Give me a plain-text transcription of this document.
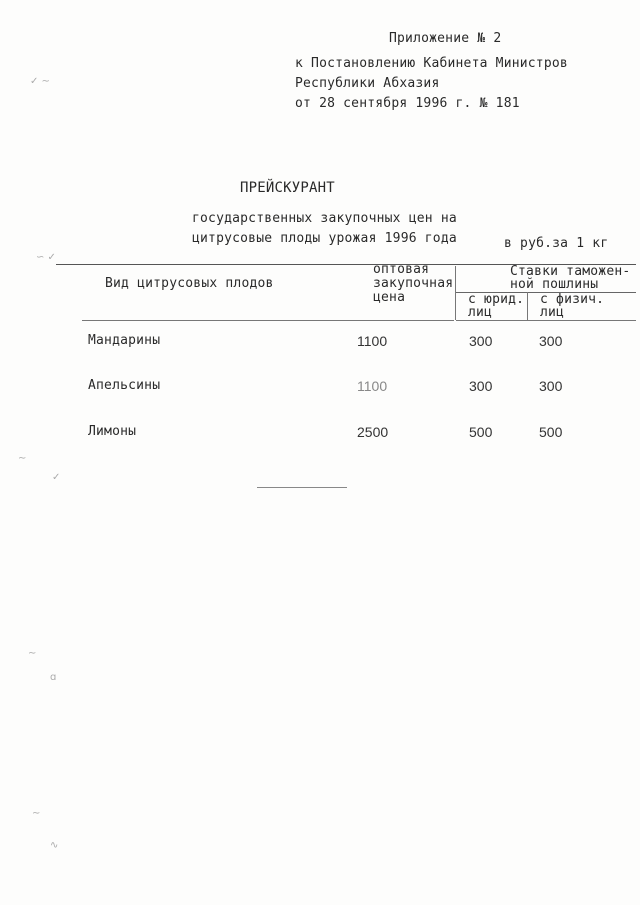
✓ ∼
∽ ✓
∼
✓
∼
ɑ
∼
∿
Приложение № 2
к Постановлению Кабинета Министров
Республики Абхазия
от 28 сентября 1996 г. № 181
ПРЕЙСКУРАНТ
государственных закупочных цен на
цитрусовые плоды урожая 1996 года	в руб.за 1 кг
Вид цитрусовых плодов
оптовая
закупочная
цена
Ставки таможен-
ной пошлины
с юрид.
лиц
с физич.
лиц
Мандарины	1100	300	300
Апельсины	1100	300	300
Лимоны	2500	500	500
